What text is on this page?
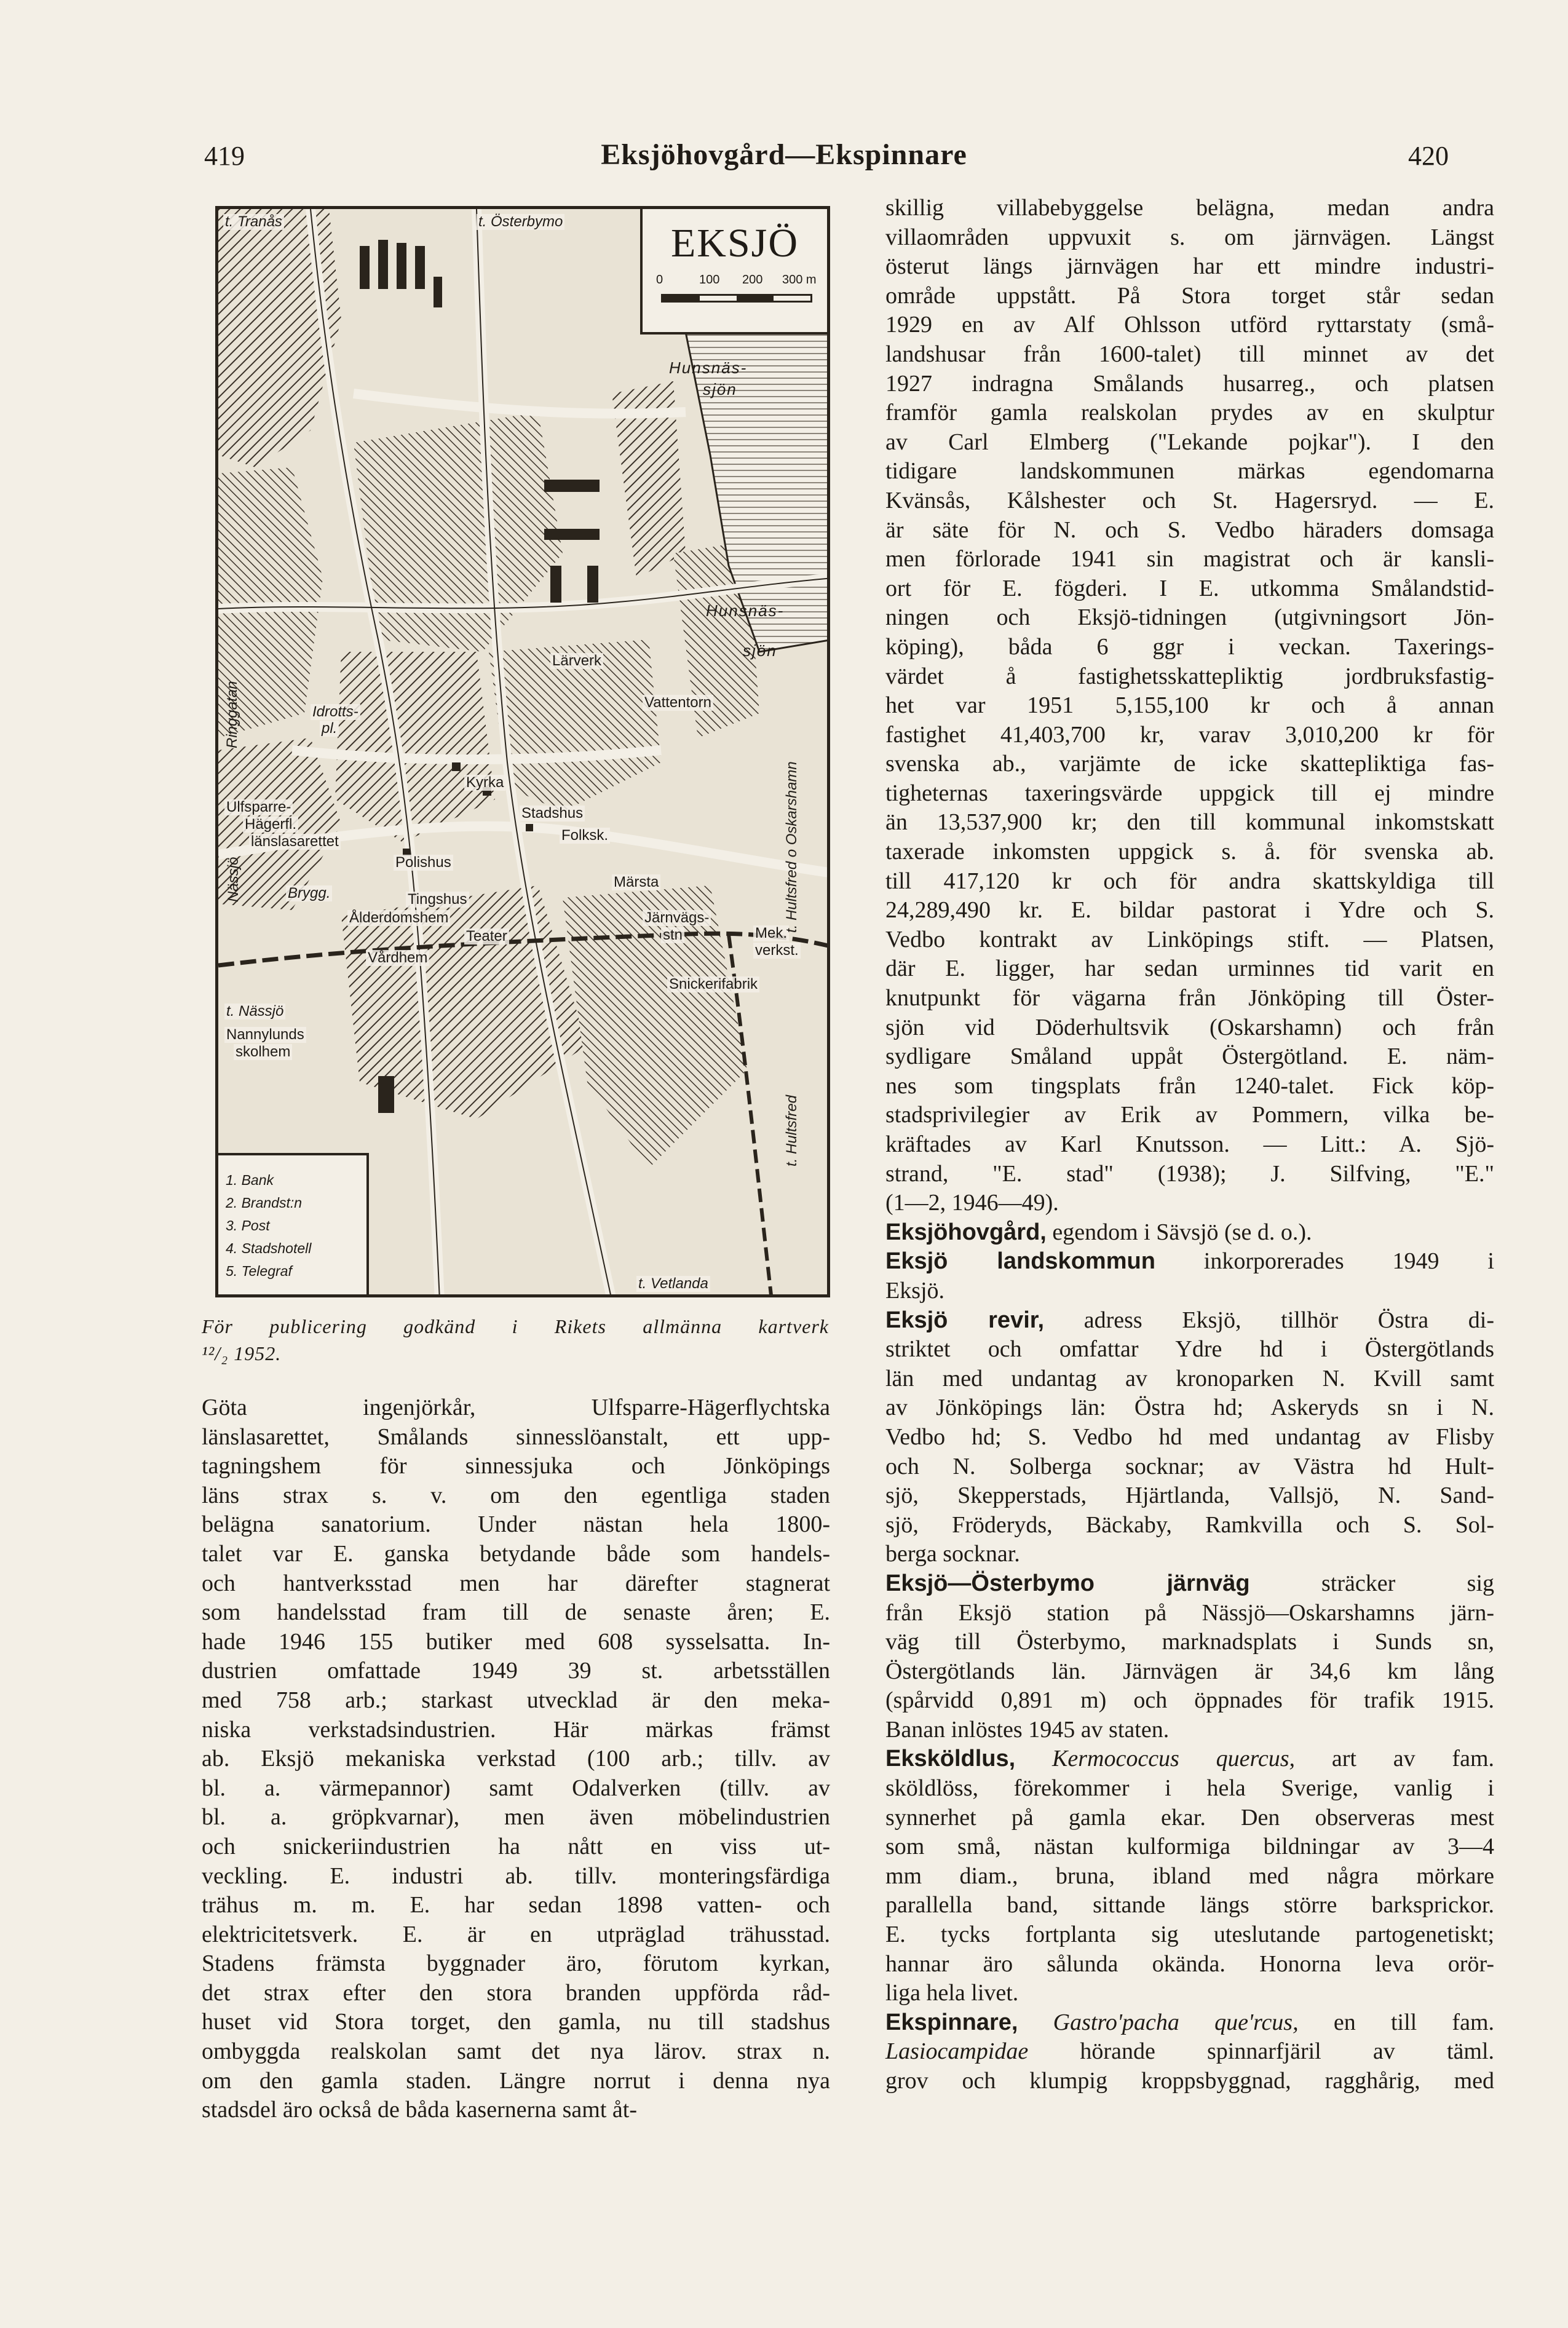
419	Eksjöhovgård—Ekspinnare	420
EKSJÖ
0	100 200 300 m
t. Tranås	t. Österbymo
Hunsnäs-
sjön
Hunsnäs-
sjön
Lärverk
Vattentorn
Idrotts-
pl.
Ringgatan
Ulfsparre-
Hägerfl.
länslasarettet
Kyrka
Stadshus
Folksk.
Polishus
Märsta
Tingshus
Ålderdomshem
Teater
Järnvägs-
stn	Mek.
verkst.
Vårdhem
Snickerifabrik
t. Nässjö
Nannylunds
skolhem
Nässjö	Brygg.	t. Hultsfred o Oskarshamn
t. Hultsfred
t. Vetlanda
1. Bank
2. Brandst:n
3. Post
4. Stadshotell
5. Telegraf
För publicering godkänd i Rikets allmänna kartverk
¹²/₂ 1952.
Göta ingenjörkår, Ulfsparre-Hägerflychtska
länslasarettet, Smålands sinnesslöanstalt, ett upp-
tagningshem för sinnessjuka och Jönköpings
läns strax s. v. om den egentliga staden
belägna sanatorium. Under nästan hela 1800-
talet var E. ganska betydande både som handels-
och hantverksstad men har därefter stagnerat
som handelsstad fram till de senaste åren; E.
hade 1946 155 butiker med 608 sysselsatta. In-
dustrien omfattade 1949 39 st. arbetsställen
med 758 arb.; starkast utvecklad är den meka-
niska verkstadsindustrien. Här märkas främst
ab. Eksjö mekaniska verkstad (100 arb.; tillv. av
bl. a. värmepannor) samt Odalverken (tillv. av
bl. a. gröpkvarnar), men även möbelindustrien
och snickeriindustrien ha nått en viss ut-
veckling. E. industri ab. tillv. monteringsfärdiga
trähus m. m. E. har sedan 1898 vatten- och
elektricitetsverk. E. är en utpräglad trähusstad.
Stadens främsta byggnader äro, förutom kyrkan,
det strax efter den stora branden uppförda råd-
huset vid Stora torget, den gamla, nu till stadshus
ombyggda realskolan samt det nya lärov. strax n.
om den gamla staden. Längre norrut i denna nya
stadsdel äro också de båda kasernerna samt åt-
skillig villabebyggelse belägna, medan andra
villaområden uppvuxit s. om järnvägen. Längst
österut längs järnvägen har ett mindre industri-
område uppstått. På Stora torget står sedan
1929 en av Alf Ohlsson utförd ryttarstaty (små-
landshusar från 1600-talet) till minnet av det
1927 indragna Smålands husarreg., och platsen
framför gamla realskolan prydes av en skulptur
av Carl Elmberg ("Lekande pojkar"). I den
tidigare landskommunen märkas egendomarna
Kvänsås, Kålshester och St. Hagersryd. — E.
är säte för N. och S. Vedbo häraders domsaga
men förlorade 1941 sin magistrat och är kansli-
ort för E. fögderi. I E. utkomma Smålandstid-
ningen och Eksjö-tidningen (utgivningsort Jön-
köping), båda 6 ggr i veckan. Taxerings-
värdet å fastighetsskattepliktig jordbruksfastig-
het var 1951 5,155,100 kr och å annan
fastighet 41,403,700 kr, varav 3,010,200 kr för
svenska ab., varjämte de icke skattepliktiga fas-
tigheternas taxeringsvärde uppgick till ej mindre
än 13,537,900 kr; den till kommunal inkomstskatt
taxerade inkomsten uppgick s. å. för svenska ab.
till 417,120 kr och för andra skattskyldiga till
24,289,490 kr. E. bildar pastorat i Ydre och S.
Vedbo kontrakt av Linköpings stift. — Platsen,
där E. ligger, har sedan urminnes tid varit en
knutpunkt för vägarna från Jönköping till Öster-
sjön vid Döderhultsvik (Oskarshamn) och från
sydligare Småland uppåt Östergötland. E. näm-
nes som tingsplats från 1240-talet. Fick köp-
stadsprivilegier av Erik av Pommern, vilka be-
kräftades av Karl Knutsson. — Litt.: A. Sjö-
strand, "E. stad" (1938); J. Silfving, "E."
(1—2, 1946—49).
Eksjöhovgård, egendom i Sävsjö (se d. o.).
Eksjö landskommun inkorporerades 1949 i
Eksjö.
Eksjö revir, adress Eksjö, tillhör Östra di-
striktet och omfattar Ydre hd i Östergötlands
län med undantag av kronoparken N. Kvill samt
av Jönköpings län: Östra hd; Askeryds sn i N.
Vedbo hd; S. Vedbo hd med undantag av Flisby
och N. Solberga socknar; av Västra hd Hult-
sjö, Skepperstads, Hjärtlanda, Vallsjö, N. Sand-
sjö, Fröderyds, Bäckaby, Ramkvilla och S. Sol-
berga socknar.
Eksjö—Österbymo järnväg	sträcker sig
från Eksjö station på Nässjö—Oskarshamns järn-
väg till Österbymo, marknadsplats i Sunds sn,
Östergötlands län. Järnvägen är 34,6 km lång
(spårvidd 0,891 m) och öppnades för trafik 1915.
Banan inlöstes 1945 av staten.
Eksköldlus, Kermococcus quercus, art av fam.
sköldlöss, förekommer i hela Sverige, vanlig i
synnerhet på gamla ekar. Den observeras mest
som små, nästan kulformiga bildningar av 3—4
mm diam., bruna, ibland med några mörkare
parallella band, sittande längs större barksprickor.
E. tycks fortplanta sig uteslutande partogenetiskt;
hannar äro sålunda okända. Honorna leva orör-
liga hela livet.
Ekspinnare, Gastro'pacha que'rcus, en till fam.
Lasiocampidae hörande spinnarfjäril av täml.
grov och klumpig kroppsbyggnad, ragghårig, med
